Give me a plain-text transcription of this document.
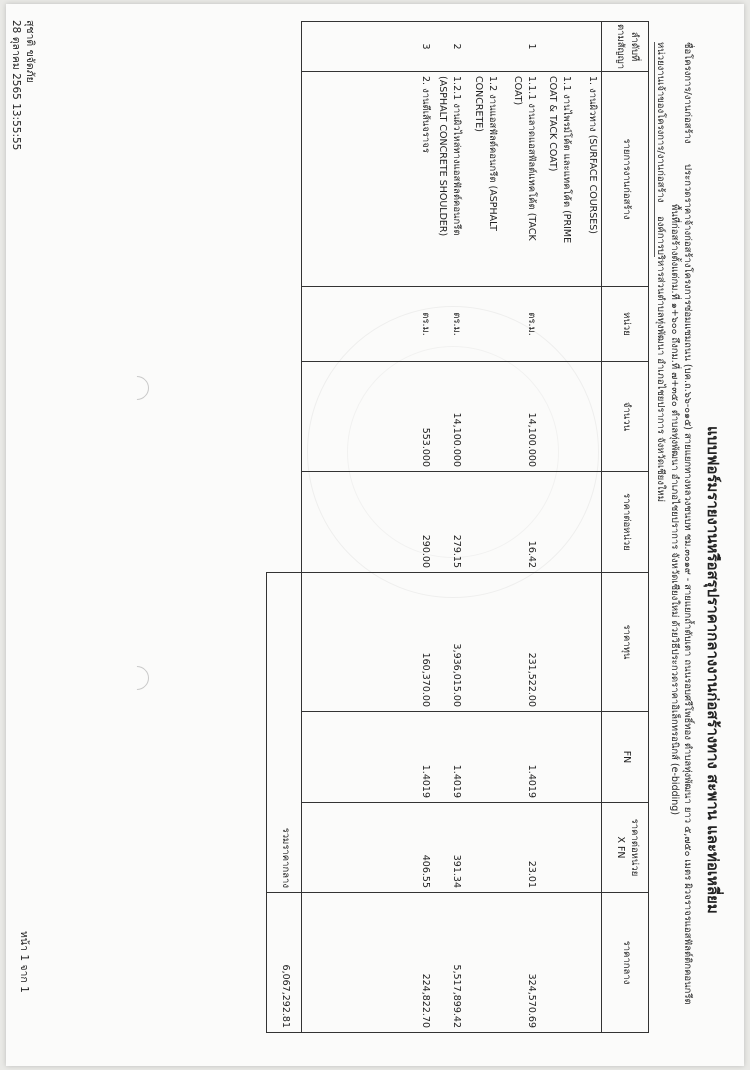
แบบฟอร์มรายงานหรือสรุปราคากลางงานก่อสร้างทาง สะพาน และท่อเหลี่ยม
ชื่อโครงการ/งานก่อสร้าง
ประกวดราคาจ้างก่อสร้างโครงการซ่อมแซมถนน (บค.ถ.๖๖-๐๑๕) สายแยกทางหลวงชนบท ชม.๓๐๑๙ - สายแยกถ้ำตับเตา ถนนรอบศรีโพธิ์ทอง ตำบลทุ่งพัฒนา ยาว ๕,๗๕๐ เมตร ผิวจราจรแอสฟัลต์ติกคอนกรีต
พื้นที่ก่อสร้างตั้งแต่กม.ที่ ๑+๖๐๐ ถึงกม.ที่ ๗+๓๕๐ ตำบลทุ่งพัฒนา อำเภอไชยปราการ จังหวัดเชียงใหม่ ด้วยวิธีประกวดราคาอิเล็กทรอนิกส์ (e-bidding)
หน่วยงานเจ้าของโครงการ/งานก่อสร้าง
องค์การบริหารส่วนตำบลทุ่งพัฒนา อำเภอไชยปราการ จังหวัดเชียงใหม่
ลำดับที่
ตามสัญญา
รายการงานก่อสร้าง
หน่วย
จำนวน
ราคาต่อหน่วย
ราคาทุน
FN
ราคาต่อหน่วย
X FN
ราคากลาง
1. งานผิวทาง (SURFACE COURSES)
1.1 งานไพรม์โค้ต และแทคโค้ต (PRIME
COAT & TACK COAT)
1.1.1 งานลาดแอสฟัลต์แทคโค้ต (TACK
COAT)
1.2 งานแอสฟัลต์คอนกรีต (ASPHALT
CONCRETE)
1.2.1 งานผิวไหล่ทางแอสฟัลต์คอนกรีต
(ASPHALT CONCRETE SHOULDER)
2. งานตีเส้นจราจร
1
ตร.ม.
14,100.000
16.42
231,522.00
1.4019
23.01
324,570.69
2
ตร.ม.
14,100.000
279.15
3,936,015.00
1.4019
391.34
5,517,899.42
3
ตร.ม.
553.000
290.00
160,370.00
1.4019
406.55
224,822.70
รวมราคากลาง
6,067,292.81
สุชาติ ขจัดภัย
28 ตุลาคม 2565 13:55:55
หน้า 1 จาก 1
